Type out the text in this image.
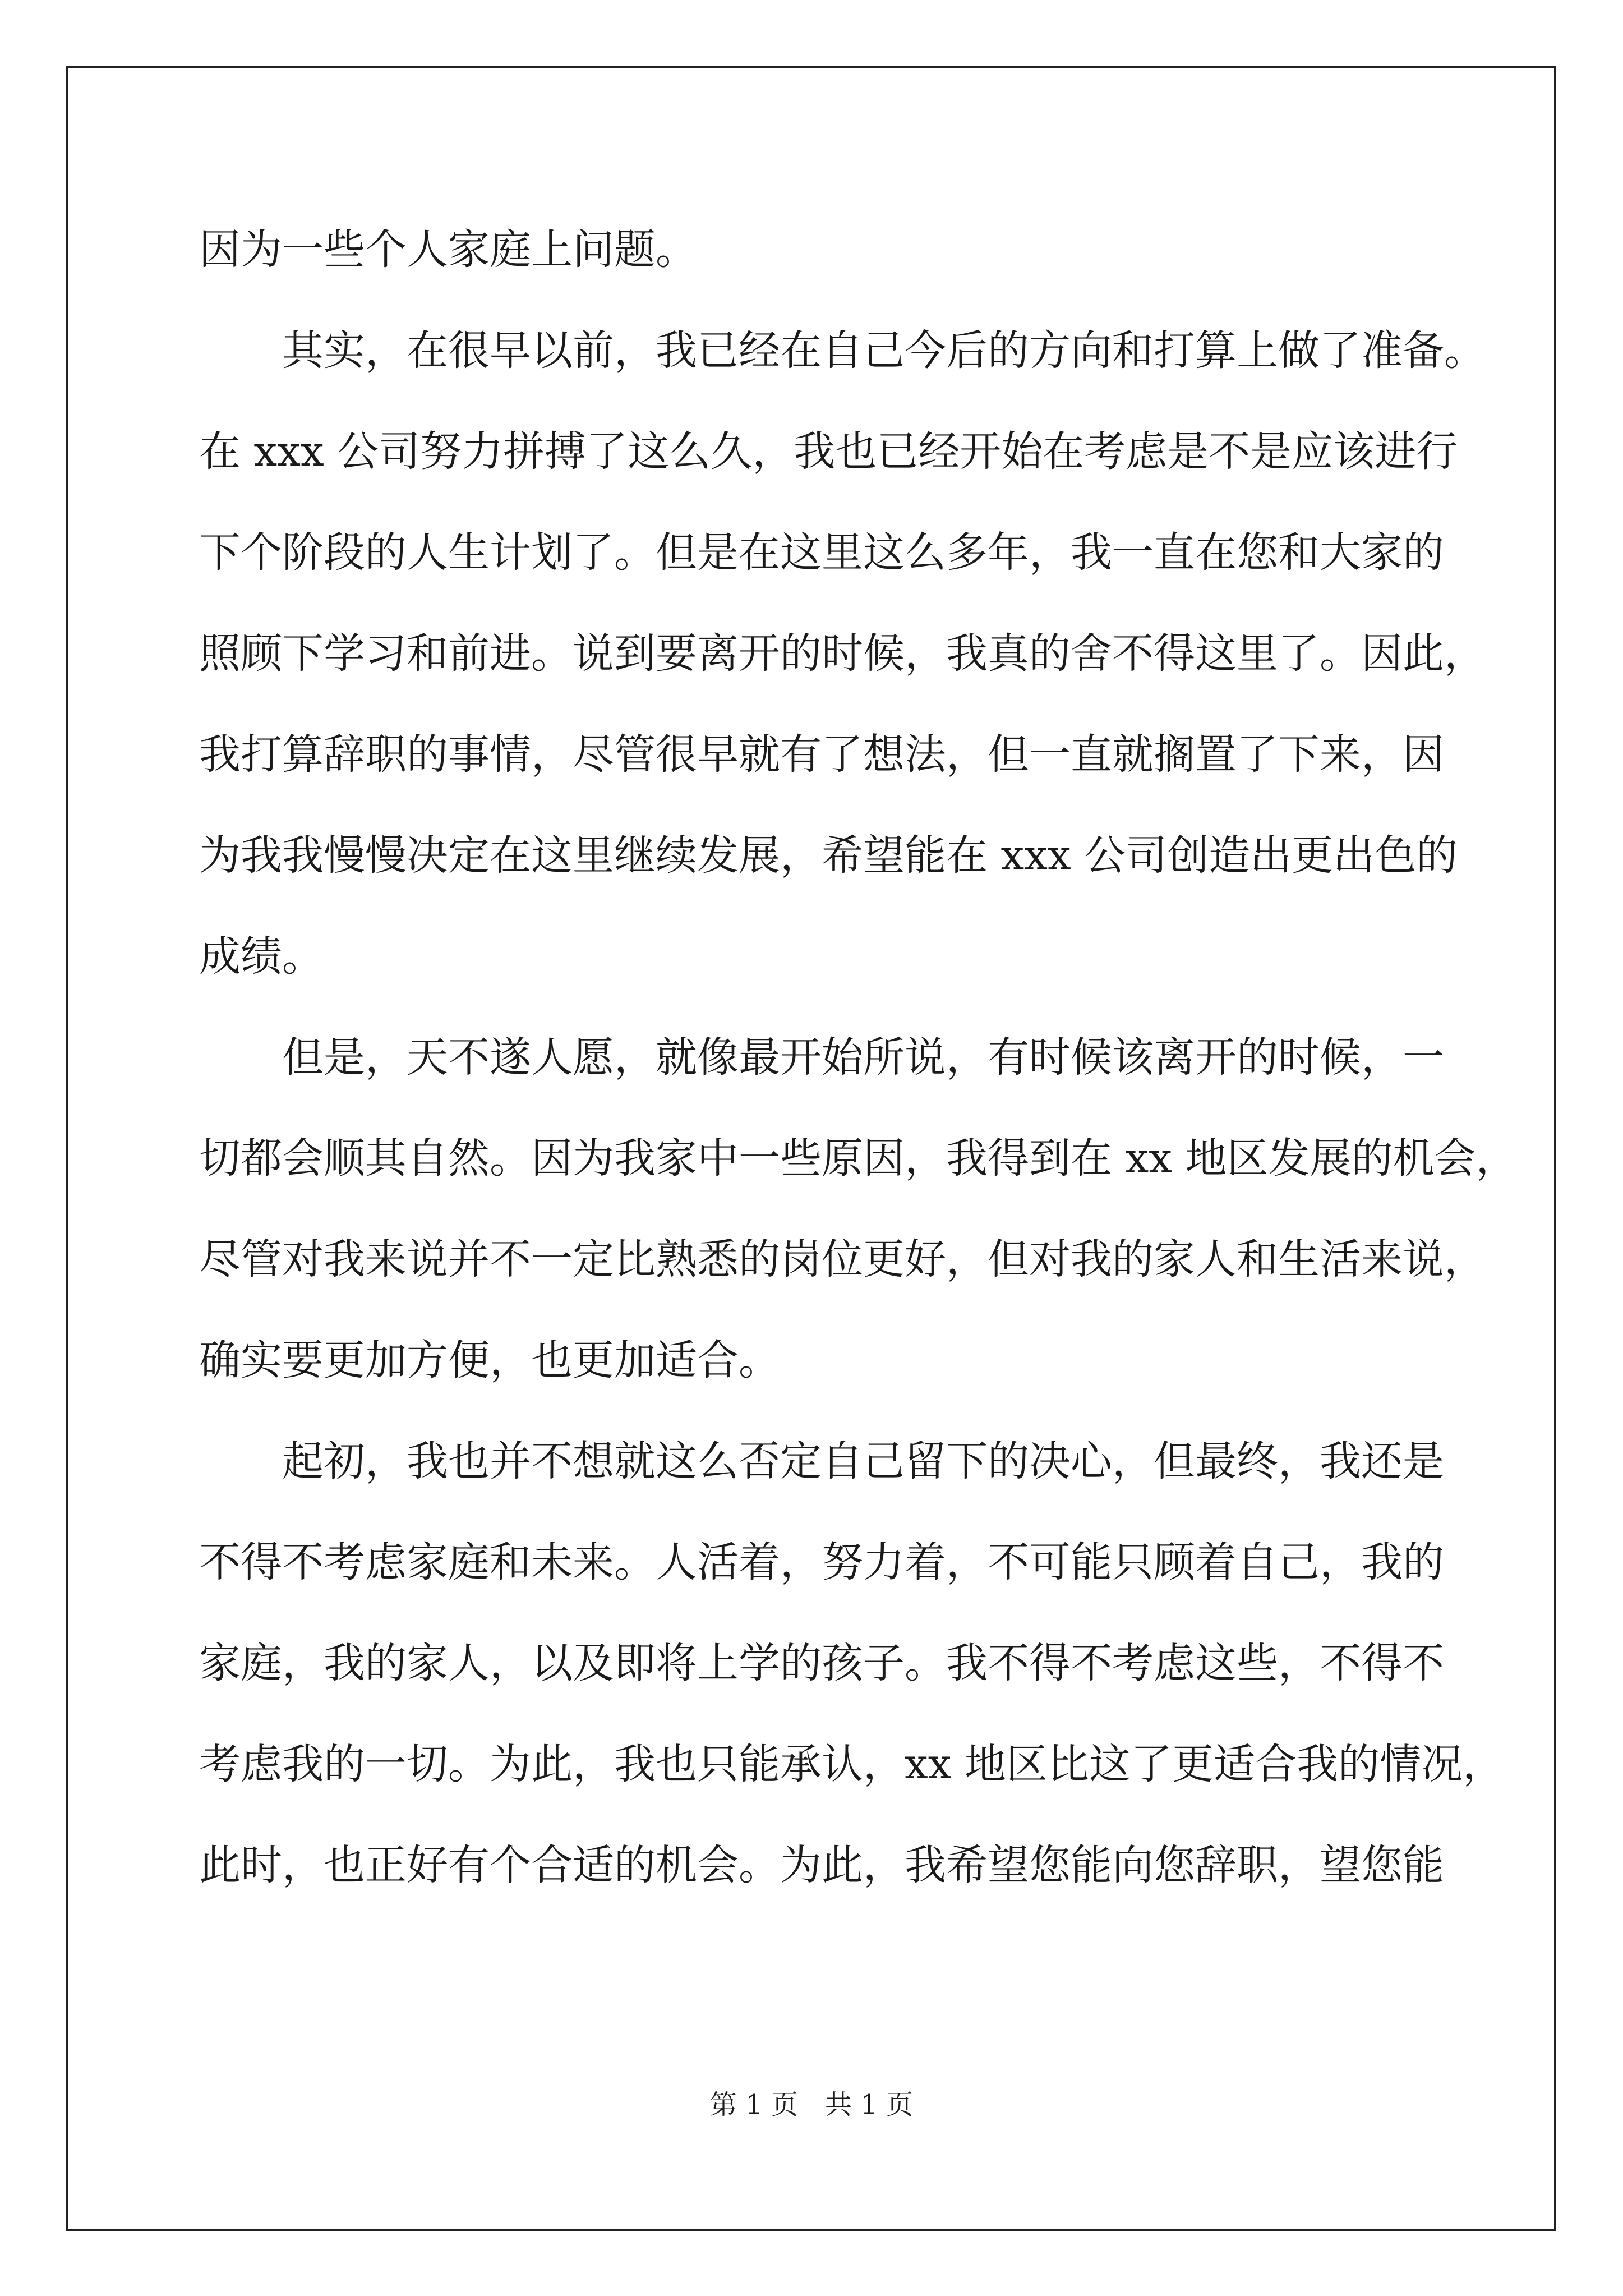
因为一些个人家庭上问题。
其实，在很早以前，我已经在自己今后的方向和打算上做了准备。
在 xxx 公司努力拼搏了这么久，我也已经开始在考虑是不是应该进行
下个阶段的人生计划了。但是在这里这么多年，我一直在您和大家的
照顾下学习和前进。说到要离开的时候，我真的舍不得这里了。因此，
我打算辞职的事情，尽管很早就有了想法，但一直就搁置了下来，因
为我我慢慢决定在这里继续发展，希望能在 xxx 公司创造出更出色的
成绩。
但是，天不遂人愿，就像最开始所说，有时候该离开的时候，一
切都会顺其自然。因为我家中一些原因，我得到在 xx 地区发展的机会，
尽管对我来说并不一定比熟悉的岗位更好，但对我的家人和生活来说，
确实要更加方便，也更加适合。
起初，我也并不想就这么否定自己留下的决心，但最终，我还是
不得不考虑家庭和未来。人活着，努力着，不可能只顾着自己，我的
家庭，我的家人，以及即将上学的孩子。我不得不考虑这些，不得不
考虑我的一切。为此，我也只能承认，xx 地区比这了更适合我的情况，
此时，也正好有个合适的机会。为此，我希望您能向您辞职，望您能
第 1 页　共 1 页
